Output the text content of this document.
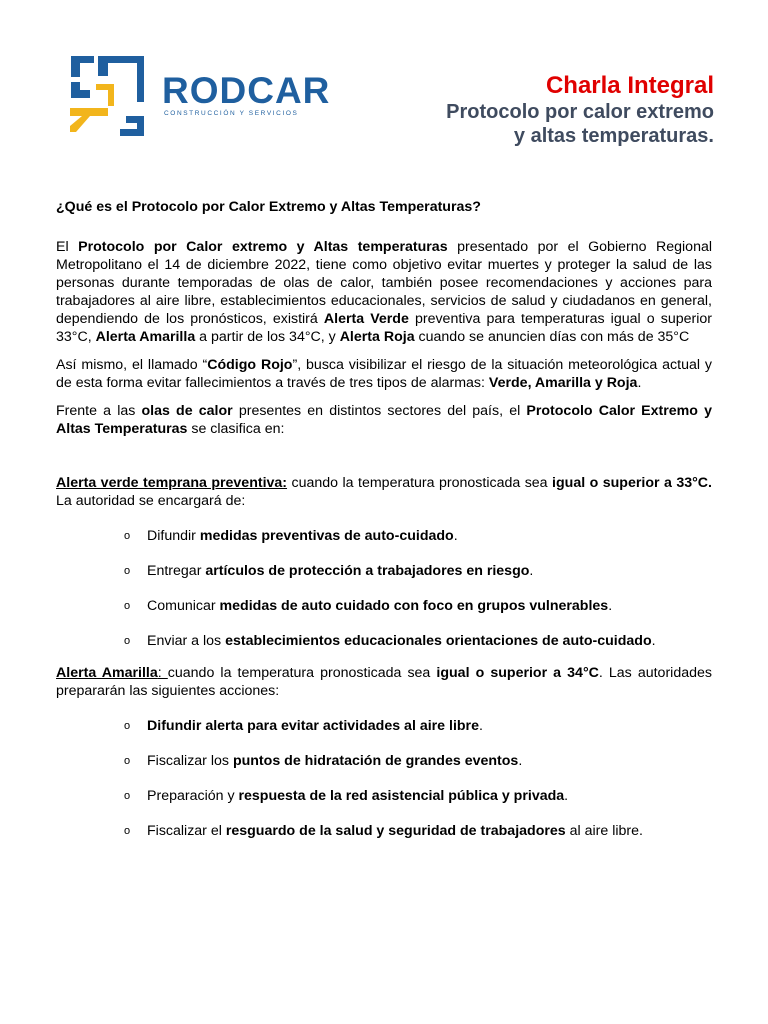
RODCAR
CONSTRUCCIÓN Y SERVICIOS
Charla Integral
Protocolo por calor extremo
y altas temperaturas.

¿Qué es el Protocolo por Calor Extremo y Altas Temperaturas?

El Protocolo por Calor extremo y Altas temperaturas presentado por el Gobierno Regional Metropolitano el 14 de diciembre 2022, tiene como objetivo evitar muertes y proteger la salud de las personas durante temporadas de olas de calor, también posee recomendaciones y acciones para trabajadores al aire libre, establecimientos educacionales, servicios de salud y ciudadanos en general, dependiendo de los pronósticos, existirá Alerta Verde preventiva para temperaturas igual o superior 33°C, Alerta Amarilla a partir de los 34°C, y Alerta Roja cuando se anuncien días con más de 35°C

Así mismo, el llamado “Código Rojo”, busca visibilizar el riesgo de la situación meteorológica actual y de esta forma evitar fallecimientos a través de tres tipos de alarmas: Verde, Amarilla y Roja.

Frente a las olas de calor presentes en distintos sectores del país, el Protocolo Calor Extremo y Altas Temperaturas se clasifica en:

Alerta verde temprana preventiva: cuando la temperatura pronosticada sea igual o superior a 33°C. La autoridad se encargará de:

o Difundir medidas preventivas de auto-cuidado.
o Entregar artículos de protección a trabajadores en riesgo.
o Comunicar medidas de auto cuidado con foco en grupos vulnerables.
o Enviar a los establecimientos educacionales orientaciones de auto-cuidado.

Alerta Amarilla: cuando la temperatura pronosticada sea igual o superior a 34°C. Las autoridades prepararán las siguientes acciones:

o Difundir alerta para evitar actividades al aire libre.
o Fiscalizar los puntos de hidratación de grandes eventos.
o Preparación y respuesta de la red asistencial pública y privada.
o Fiscalizar el resguardo de la salud y seguridad de trabajadores al aire libre.
